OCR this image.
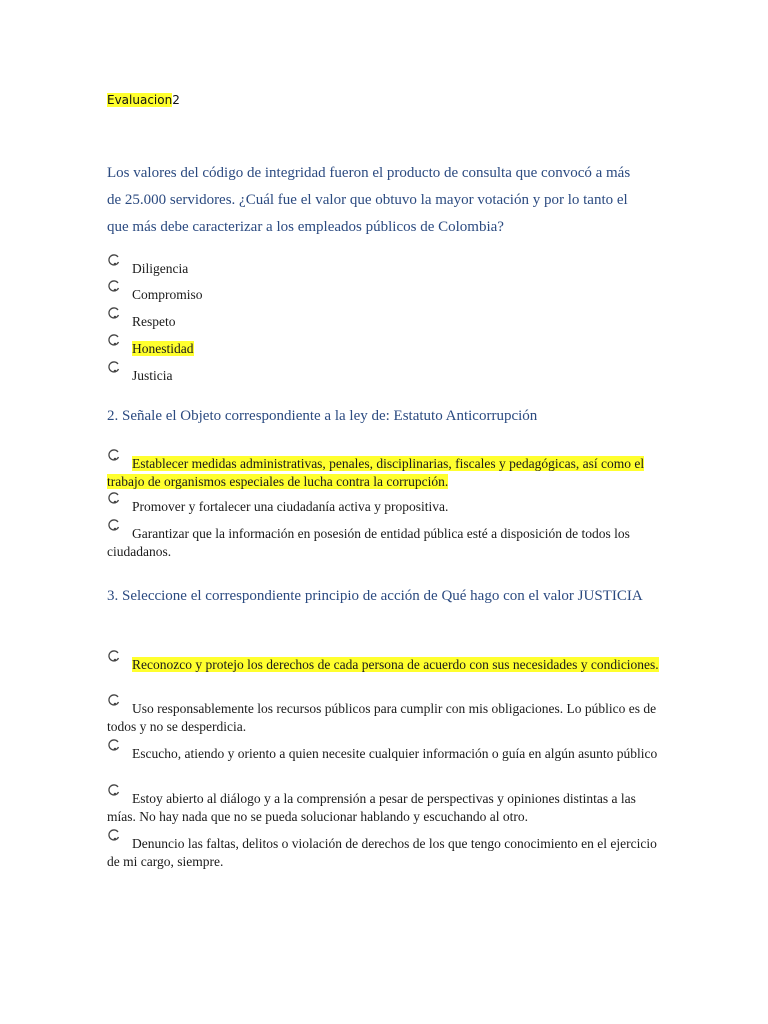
Evaluacion2

Los valores del código de integridad fueron el producto de consulta que convocó a más de 25.000 servidores. ¿Cuál fue el valor que obtuvo la mayor votación y por lo tanto el que más debe caracterizar a los empleados públicos de Colombia?

Diligencia
Compromiso
Respeto
Honestidad
Justicia

2. Señale el Objeto correspondiente a la ley de: Estatuto Anticorrupción

Establecer medidas administrativas, penales, disciplinarias, fiscales y pedagógicas, así como el trabajo de organismos especiales de lucha contra la corrupción.
Promover y fortalecer una ciudadanía activa y propositiva.
Garantizar que la información en posesión de entidad pública esté a disposición de todos los ciudadanos.

3. Seleccione el correspondiente principio de acción de Qué hago con el valor JUSTICIA

Reconozco y protejo los derechos de cada persona de acuerdo con sus necesidades y condiciones.
Uso responsablemente los recursos públicos para cumplir con mis obligaciones. Lo público es de todos y no se desperdicia.
Escucho, atiendo y oriento a quien necesite cualquier información o guía en algún asunto público
Estoy abierto al diálogo y a la comprensión a pesar de perspectivas y opiniones distintas a las mías. No hay nada que no se pueda solucionar hablando y escuchando al otro.
Denuncio las faltas, delitos o violación de derechos de los que tengo conocimiento en el ejercicio de mi cargo, siempre.
